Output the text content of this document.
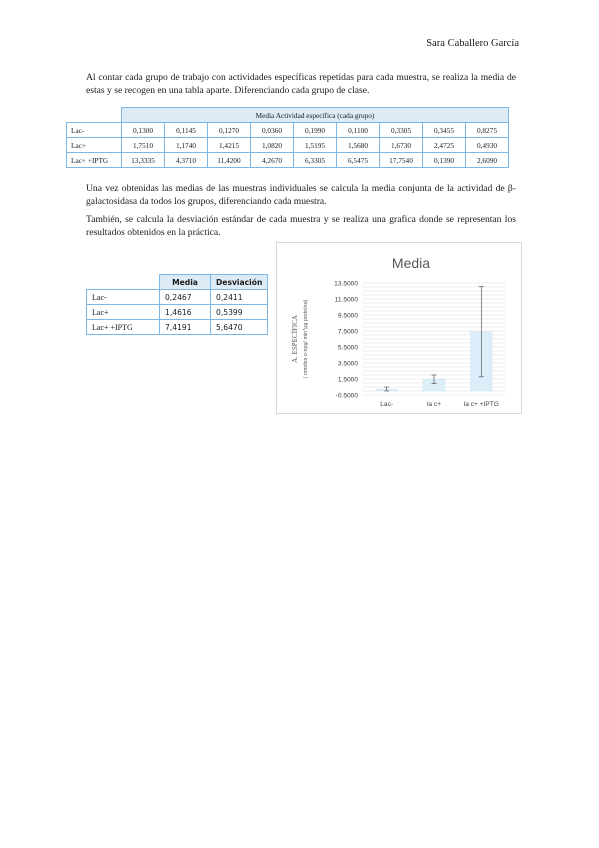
Sara Caballero García
Al contar cada grupo de trabajo con actividades específicas repetidas para cada muestra, se realiza la media de estas y se recogen en una tabla aparte. Diferenciando cada grupo de clase.
	Media Actividad específica (cada grupo)								
Lac-	0,1300	0,1145	0,1270	0,0360	0,1990	0,1100	0,3305	0,3455	0,8275
Lac+	1,7510	1,1740	1,4215	1,0820	1,5195	1,5680	1,6730	2,4725	0,4930
Lac+ +IPTG	13,3335	4,3710	11,4200	4,2670	6,3305	6,5475	17,7540	0,1390	2,6090
Una vez obtenidas las medias de las muestras individuales se calcula la media conjunta de la actividad de β-galactosidasa da todos los grupos, diferenciando cada muestra.
También, se calcula la desviación estándar de cada muestra y se realiza una grafica donde se representan los resultados obtenidos en la práctica.
	Media	Desviación
Lac-	0,2467	0,2411
Lac+	1,4616	0,5399
Lac+ +IPTG	7,4191	5,6470
Media
13.5000
11.5000
9.5000
7.5000
5.5000
3.5000
1.5000
-0.5000
A. ESPECÍFICA ( nmoles o-npg/ min*µg proteína)
Lac-	la c+	la c+ +IPTG
